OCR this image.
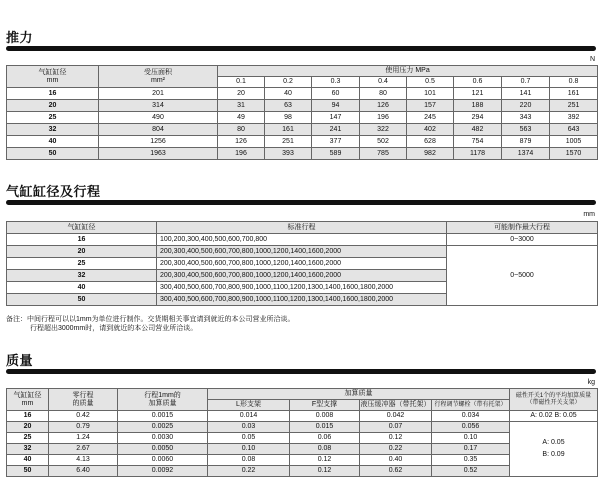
推力
N
气缸缸径
mm	受压面积
mm²	使用压力 MPa							
		0.1	0.2	0.3	0.4	0.5	0.6	0.7	0.8
16	201	20	40	60	80	101	121	141	161
20	314	31	63	94	126	157	188	220	251
25	490	49	98	147	196	245	294	343	392
32	804	80	161	241	322	402	482	563	643
40	1256	126	251	377	502	628	754	879	1005
50	1963	196	393	589	785	982	1178	1374	1570
气缸缸径及行程
mm
气缸缸径	标准行程	可能制作最大行程
16	100,200,300,400,500,600,700,800	0~3000
20	200,300,400,500,600,700,800,1000,1200,1400,1600,2000	0~5000
25	200,300,400,500,600,700,800,1000,1200,1400,1600,2000	
32	200,300,400,500,600,700,800,1000,1200,1400,1600,2000	
40	300,400,500,600,700,800,900,1000,1100,1200,1300,1400,1600,1800,2000	
50	300,400,500,600,700,800,900,1000,1100,1200,1300,1400,1600,1800,2000	
备注：中间行程可以以1mm为单位进行制作。交货期相关事宜请到就近的本公司营业所洽谈。
行程超出3000mm时，请到就近的本公司营业所洽谈。
质量
kg
气缸缸径
mm	零行程
的质量	行程1mm的
加算质量	加算质量				磁性开关1个的平均加算质量
（带磁性开关支架）
			L形支架	F型支撑	液压缓冲器（带托架）	行程调节螺栓（带有托架）	
16	0.42	0.0015	0.014	0.008	0.042	0.034	A: 0.02 B: 0.05
20	0.79	0.0025	0.03	0.015	0.07	0.056	A: 0.05
B: 0.09

25	1.24	0.0030	0.05	0.06	0.12	0.10	
32	2.67	0.0050	0.10	0.08	0.22	0.17	
40	4.13	0.0060	0.08	0.12	0.40	0.35	
50	6.40	0.0092	0.22	0.12	0.62	0.52	
